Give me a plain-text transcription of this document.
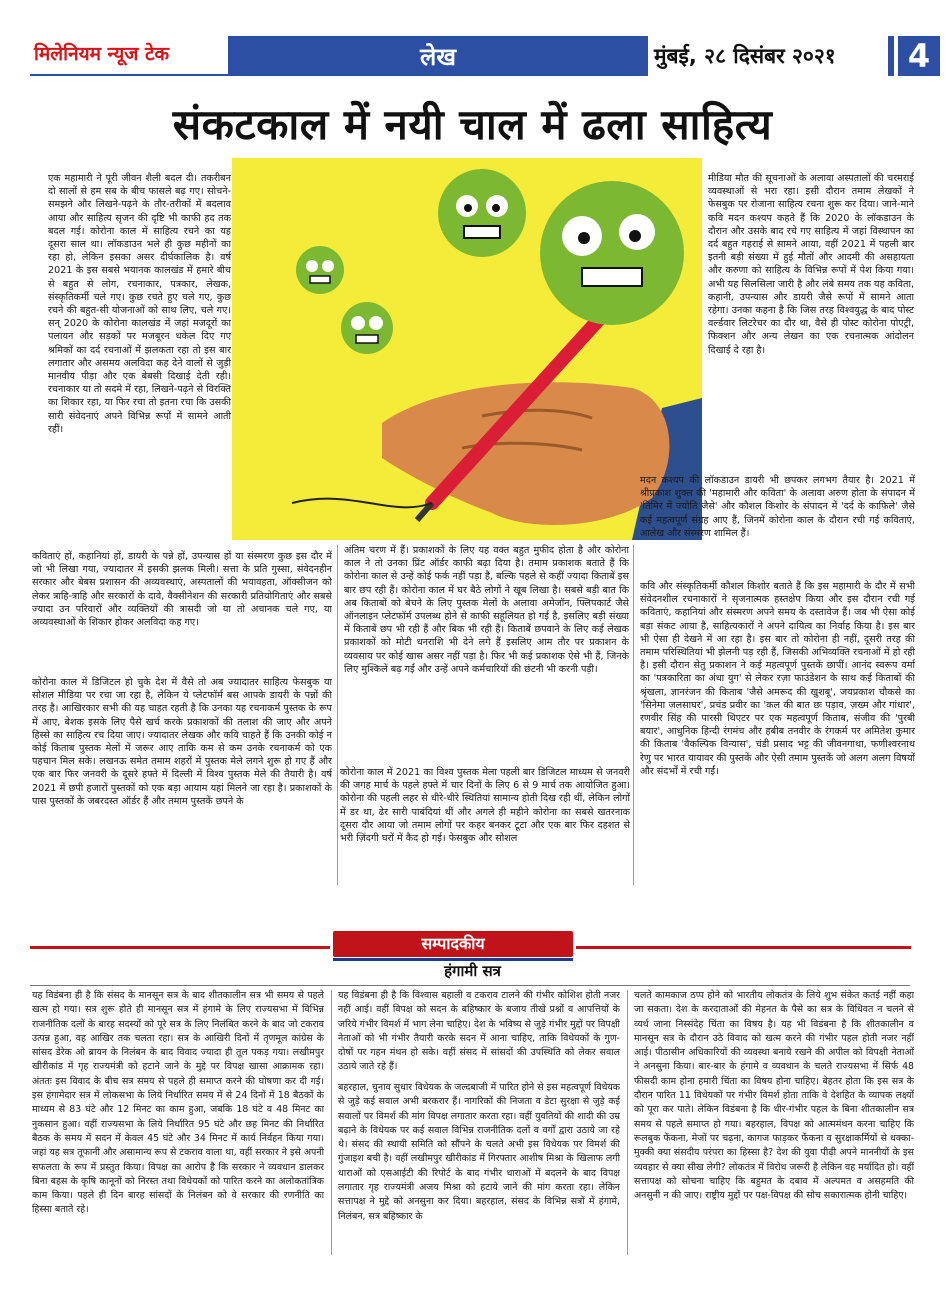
मिलेनियम न्यूज टेक	लेख	मुंबई, २८ दिसंबर २०२१	4
संकटकाल में नयी चाल में ढला साहित्य

एक महामारी ने पूरी जीवन शैली बदल दी। तकरीबन दो सालों से हम सब के बीच फासले बढ़ गए। सोचने-समझने और लिखने-पढ़ने के तौर-तरीकों में बदलाव आया और साहित्य सृजन की दृष्टि भी काफी हद तक बदल गई। कोरोना काल में साहित्य रचने का यह दूसरा साल था। लॉकडाउन भले ही कुछ महीनों का रहा हो, लेकिन इसका असर दीर्घकालिक है। वर्ष 2021 के इस सबसे भयानक कालखंड में हमारे बीच से बहुत से लोग, रचनाकार, पत्रकार, लेखक, संस्कृतिकर्मी चले गए। कुछ रचते हुए चले गए, कुछ रचने की बहुत-सी योजनाओं को साथ लिए, चले गए। सन् 2020 के कोरोना कालखंड में जहां मजदूरों का पलायन और सड़कों पर मजबूरन धकेल दिए गए श्रमिकों का दर्द रचनाओं में झलकता रहा तो इस बार लगातार और असमय अलविदा कह देने वालों से जुड़ी मानवीय पीड़ा और एक बेबसी दिखाई देती रही। रचनाकार या तो सदमे में रहा, लिखने-पढ़ने से विरक्ति का शिकार रहा, या फिर रचा तो इतना रचा कि उसकी सारी संवेदनाएं अपने विभिन्न रूपों में सामने आती रहीं।

कविताएं हों, कहानियां हों, डायरी के पन्ने हों, उपन्यास हों या संस्मरण कुछ इस दौर में जो भी लिखा गया, ज्यादातर में इसकी झलक मिली। सत्ता के प्रति गुस्सा, संवेदनहीन सरकार और बेबस प्रशासन की अव्यवस्थाएं, अस्पतालों की भयावहता, ऑक्सीजन को लेकर त्राहि-त्राहि और सरकारों के दावे, वैक्सीनेशन की सरकारी प्रतियोगिताएं और सबसे ज्यादा उन परिवारों और व्यक्तियों की त्रासदी जो या तो अचानक चले गए, या अव्यवस्थाओं के शिकार होकर अलविदा कह गए।

कोरोना काल में डिजिटल हो चुके देश में वैसे तो अब ज्यादातर साहित्य फेसबुक या सोशल मीडिया पर रचा जा रहा है, लेकिन ये प्लेटफॉर्म बस आपके डायरी के पन्नों की तरह है। आखिरकार सभी की यह चाहत रहती है कि उनका यह रचनाकर्म पुस्तक के रूप में आए, बेशक इसके लिए पैसे खर्च करके प्रकाशकों की तलाश की जाए और अपने हिस्से का साहित्य रच दिया जाए। ज्यादातर लेखक और कवि चाहते हैं कि उनकी कोई न कोई किताब पुस्तक मेलों में जरूर आए ताकि कम से कम उनके रचनाकर्म को एक पहचान मिल सके। लखनऊ समेत तमाम शहरों में पुस्तक मेले लगने शुरू हो गए हैं और एक बार फिर जनवरी के दूसरे हफ्ते में दिल्ली में विश्व पुस्तक मेले की तैयारी है। वर्ष 2021 में छपी हजारों पुस्तकों को एक बड़ा आयाम यहां मिलने जा रहा है। प्रकाशकों के पास पुस्तकों के जबरदस्त ऑर्डर हैं और तमाम पुस्तकें छपने के

अंतिम चरण में हैं। प्रकाशकों के लिए यह वक्त बहुत मुफीद होता है और कोरोना काल ने तो उनका प्रिंट ऑर्डर काफी बढ़ा दिया है। तमाम प्रकाशक बताते हैं कि कोरोना काल से उन्हें कोई फर्क नहीं पड़ा है, बल्कि पहले से कहीं ज्यादा किताबें इस बार छप रही हैं। कोरोना काल में घर बैठे लोगों ने खूब लिखा है। सबसे बड़ी बात कि अब किताबों को बेचने के लिए पुस्तक मेलों के अलावा अमेजॉन, फ्लिपकार्ट जैसे ऑनलाइन प्लेटफॉर्म उपलब्ध होने से काफी सहूलियत हो गई है, इसलिए बड़ी संख्या में किताबें छप भी रही हैं और बिक भी रही हैं। किताबें छपवाने के लिए कई लेखक प्रकाशकों को मोटी धनराशि भी देने लगे हैं इसलिए आम तौर पर प्रकाशन के व्यवसाय पर कोई खास असर नहीं पड़ा है। फिर भी कई प्रकाशक ऐसे भी हैं, जिनके लिए मुश्किलें बढ़ गईं और उन्हें अपने कर्मचारियों की छंटनी भी करनी पड़ी।

कोरोना काल में 2021 का विश्व पुस्तक मेला पहली बार डिजिटल माध्यम से जनवरी की जगह मार्च के पहले हफ्ते में चार दिनों के लिए 6 से 9 मार्च तक आयोजित हुआ। कोरोना की पहली लहर से धीरे-धीरे स्थितियां सामान्य होती दिख रही थीं, लेकिन लोगों में डर था, ढेर सारी पाबंदियां थीं और अगले ही महीने कोरोना का सबसे खतरनाक दूसरा दौर आया जो तमाम लोगों पर कहर बनकर टूटा और एक बार फिर दहशत से भरी ज़िंदगी घरों में कैद हो गई। फेसबुक और सोशल

मीडिया मौत की सूचनाओं के अलावा अस्पतालों की चरमराई व्यवस्थाओं से भरा रहा। इसी दौरान तमाम लेखकों ने फेसबुक पर रोजाना साहित्य रचना शुरू कर दिया। जाने-माने कवि मदन कश्यप कहते हैं कि 2020 के लॉकडाउन के दौरान और उसके बाद रचे गए साहित्य में जहां विस्थापन का दर्द बहुत गहराई से सामने आया, वहीं 2021 में पहली बार इतनी बड़ी संख्या में हुई मौतों और आदमी की असहायता और करुणा को साहित्य के विभिन्न रूपों में पेश किया गया। अभी यह सिलसिला जारी है और लंबे समय तक यह कविता, कहानी, उपन्यास और डायरी जैसे रूपों में सामने आता रहेगा। उनका कहना है कि जिस तरह विश्वयुद्ध के बाद पोस्ट वर्ल्डवार लिटरेचर का दौर था, वैसे ही पोस्ट कोरोना पोएट्री, फिक्शन और अन्य लेखन का एक रचनात्मक आंदोलन दिखाई दे रहा है।

मदन कश्यप की लॉकडाउन डायरी भी छपकर लगभग तैयार है। 2021 में श्रीप्रकाश शुक्ल की 'महामारी और कविता' के अलावा अरुण होता के संपादन में 'तिमिर में ज्योति जैसे' और कौशल किशोर के संपादन में 'दर्द के काफिले' जैसे कई महत्वपूर्ण संग्रह आए हैं, जिनमें कोरोना काल के दौरान रची गई कविताएं, आलेख और संस्मरण शामिल हैं।

कवि और संस्कृतिकर्मी कौशल किशोर बताते हैं कि इस महामारी के दौर में सभी संवेदनशील रचनाकारों ने सृजनात्मक हस्तक्षेप किया और इस दौरान रची गई कविताएं, कहानियां और संस्मरण अपने समय के दस्तावेज हैं। जब भी ऐसा कोई बड़ा संकट आया है, साहित्यकारों ने अपने दायित्व का निर्वाह किया है। इस बार भी ऐसा ही देखने में आ रहा है। इस बार तो कोरोना ही नहीं, दूसरी तरह की तमाम परिस्थितियां भी झेलनी पड़ रही हैं, जिसकी अभिव्यक्ति रचनाओं में हो रही है। इसी दौरान सेतु प्रकाशन ने कई महत्वपूर्ण पुस्तकें छापीं। आनंद स्वरूप वर्मा का 'पत्रकारिता का अंधा युग' से लेकर रज़ा फाउंडेशन के साथ कई किताबों की श्रृंखला, ज्ञानरंजन की किताब 'जैसे अमरूद की खुशबू', जयप्रकाश चौकसे का 'सिनेमा जलसाघर', प्रचंड प्रवीर का 'कल की बात छः पड़ाव, ज़ख्म और गांधार', रणवीर सिंह की पारसी थिएटर पर एक महत्वपूर्ण किताब, संजीव की 'पुरबी बयार', आधुनिक हिन्दी रंगमंच और हबीब तनवीर के रंगकर्म पर अमितेश कुमार की किताब 'वैकल्पिक विन्यास', चंडी प्रसाद भट्ट की जीवनगाथा, फणीश्वरनाथ रेणु पर भारत यायावर की पुस्तकें और ऐसी तमाम पुस्तकें जो अलग अलग विषयों और संदर्भों में रची गईं।

सम्पादकीय
हंगामी सत्र

यह विडंबना ही है कि संसद के मानसून सत्र के बाद शीतकालीन सत्र भी समय से पहले खत्म हो गया। सत्र शुरू होते ही मानसून सत्र में हंगामे के लिए राज्यसभा में विभिन्न राजनीतिक दलों के बारह सदस्यों को पूरे सत्र के लिए निलंबित करने के बाद जो टकराव उत्पन्न हुआ, वह आखिर तक चलता रहा। सत्र के आखिरी दिनों में तृणमूल कांग्रेस के सांसद डेरेक ओ ब्रायन के निलंबन के बाद विवाद ज्यादा ही तूल पकड़ गया। लखीमपुर खीरीकांड में गृह राज्यमंत्री को हटाने जाने के मुद्दे पर विपक्ष खासा आक्रामक रहा। अंततः इस विवाद के बीच सत्र समय से पहले ही समाप्त करने की घोषणा कर दी गई। इस हंगामेदार सत्र में लोकसभा के लिये निर्धारित समय में से 24 दिनों में 18 बैठकों के माध्यम से 83 घंटे और 12 मिनट का काम हुआ, जबकि 18 घंटे व 48 मिनट का नुकसान हुआ। वहीं राज्यसभा के लिये निर्धारित 95 घंटे और छह मिनट की निर्धारित बैठक के समय में सदन में केवल 45 घंटे और 34 मिनट में कार्य निर्वहन किया गया। जहां यह सत्र तूफानी और असामान्य रूप से टकराव वाला था, वहीं सरकार ने इसे अपनी सफलता के रूप में प्रस्तुत किया। विपक्ष का आरोप है कि सरकार ने व्यवधान डालकर बिना बहस के कृषि कानूनों को निरस्त तथा विधेयकों को पारित करने का अलोकतांत्रिक काम किया। पहले ही दिन बारह सांसदों के निलंबन को वे सरकार की रणनीति का हिस्सा बताते रहे।

यह विडंबना ही है कि विश्वास बहाली व टकराव टालने की गंभीर कोशिश होती नजर नहीं आई। वहीं विपक्ष को सदन के बहिष्कार के बजाय तीखे प्रश्नों व आपत्तियों के जरिये गंभीर विमर्श में भाग लेना चाहिए। देश के भविष्य से जुड़े गंभीर मुद्दों पर विपक्षी नेताओं को भी गंभीर तैयारी करके सदन में आना चाहिए, ताकि विधेयकों के गुण-दोषों पर गहन मंथन हो सके। वहीं संसद में सांसदों की उपस्थिति को लेकर सवाल उठाये जाते रहे हैं।

बहरहाल, चुनाव सुधार विधेयक के जल्दबाजी में पारित होने से इस महत्वपूर्ण विधेयक से जुड़े कई सवाल अभी बरकरार हैं। नागरिकों की निजता व डेटा सुरक्षा से जुड़े कई सवालों पर विमर्श की मांग विपक्ष लगातार करता रहा। वहीं युवतियों की शादी की उम्र बढ़ाने के विधेयक पर कई सवाल विभिन्न राजनीतिक दलों व वर्गों द्वारा उठाये जा रहे थे। संसद की स्थायी समिति को सौंपने के चलते अभी इस विधेयक पर विमर्श की गुंजाइश बची है। वहीं लखीमपुर खीरीकांड में गिरफ्तार आशीष मिश्रा के खिलाफ लगी धाराओं को एसआईटी की रिपोर्ट के बाद गंभीर धाराओं में बदलने के बाद विपक्ष लगातार गृह राज्यमंत्री अजय मिश्रा को हटाये जाने की मांग करता रहा। लेकिन सत्तापक्ष ने मुद्दे को अनसुना कर दिया। बहरहाल, संसद के विभिन्न सत्रों में हंगामे, निलंबन, सत्र बहिष्कार के

चलते कामकाज ठप्प होने को भारतीय लोकतंत्र के लिये शुभ संकेत कतई नहीं कहा जा सकता। देश के करदाताओं की मेहनत के पैसे का सत्र के विधिवत न चलने से व्यर्थ जाना निस्संदेह चिंता का विषय है। यह भी विडंबना है कि शीतकालीन व मानसून सत्र के दौरान उठे विवाद को खत्म करने की गंभीर पहल होती नजर नहीं आई। पीठासीन अधिकारियों की व्यवस्था बनाये रखने की अपील को विपक्षी नेताओं ने अनसुना किया। बार-बार के हंगामे व व्यवधान के चलते राज्यसभा में सिर्फ 48 फीसदी काम होना हमारी चिंता का विषय होना चाहिए। बेहतर होता कि इस सत्र के दौरान पारित 11 विधेयकों पर गंभीर विमर्श होता ताकि वे देशहित के व्यापक लक्ष्यों को पूरा कर पाते। लेकिन विडंबना है कि धीर-गंभीर पहल के बिना शीतकालीन सत्र समय से पहले समाप्त हो गया। बहरहाल, विपक्ष को आत्ममंथन करना चाहिए कि रूलबुक फेंकना, मेजों पर चढ़ना, कागज फाड़कर फेंकना व सुरक्षाकर्मियों से धक्का-मुक्की क्या संसदीय परंपरा का हिस्सा है? देश की युवा पीढ़ी अपने माननीयों के इस व्यवहार से क्या सीख लेगी? लोकतंत्र में विरोध जरूरी है लेकिन वह मर्यादित हो। वहीं सत्तापक्ष को सोचना चाहिए कि बहुमत के दबाव में अल्पमत व असहमति की अनसुनी न की जाए। राष्ट्रीय मुद्दों पर पक्ष-विपक्ष की सोच सकारात्मक होनी चाहिए।
